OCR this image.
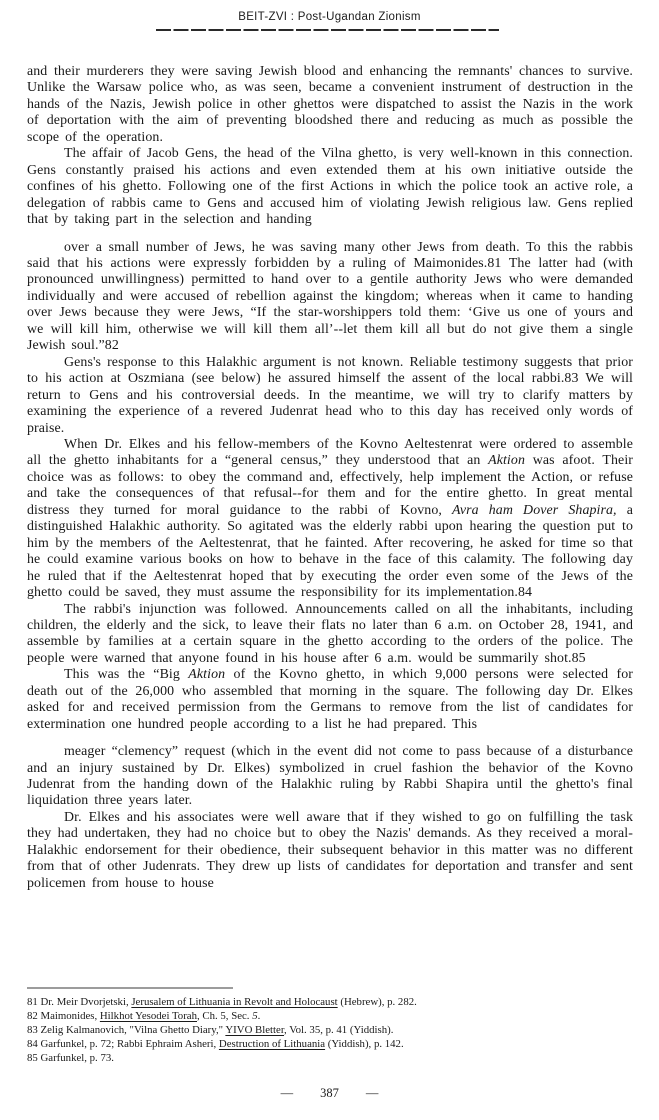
BEIT-ZVI : Post-Ugandan Zionism

and their murderers they were saving Jewish blood and enhancing the remnants' chances to survive. Unlike the Warsaw police who, as was seen, became a convenient instrument of destruction in the hands of the Nazis, Jewish police in other ghettos were dispatched to assist the Nazis in the work of deportation with the aim of preventing bloodshed there and reducing as much as possible the scope of the operation.

The affair of Jacob Gens, the head of the Vilna ghetto, is very well-known in this connection. Gens constantly praised his actions and even extended them at his own initiative outside the confines of his ghetto. Following one of the first Actions in which the police took an active role, a delegation of rabbis came to Gens and accused him of violating Jewish religious law. Gens replied that by taking part in the selection and handing

over a small number of Jews, he was saving many other Jews from death. To this the rabbis said that his actions were expressly forbidden by a ruling of Maimonides.81 The latter had (with pronounced unwillingness) permitted to hand over to a gentile authority Jews who were demanded individually and were accused of rebellion against the kingdom; whereas when it came to handing over Jews because they were Jews, “If the star-worshippers told them: ‘Give us one of yours and we will kill him, otherwise we will kill them all’--let them kill all but do not give them a single Jewish soul.”82

Gens's response to this Halakhic argument is not known. Reliable testimony suggests that prior to his action at Oszmiana (see below) he assured himself the assent of the local rabbi.83 We will return to Gens and his controversial deeds. In the meantime, we will try to clarify matters by examining the experience of a revered Judenrat head who to this day has received only words of praise.

When Dr. Elkes and his fellow-members of the Kovno Aeltestenrat were ordered to assemble all the ghetto inhabitants for a “general census,” they understood that an Aktion was afoot. Their choice was as follows: to obey the command and, effectively, help implement the Action, or refuse and take the consequences of that refusal--for them and for the entire ghetto. In great mental distress they turned for moral guidance to the rabbi of Kovno, Avra ham Dover Shapira, a distinguished Halakhic authority. So agitated was the elderly rabbi upon hearing the question put to him by the members of the Aeltestenrat, that he fainted. After recovering, he asked for time so that he could examine various books on how to behave in the face of this calamity. The following day he ruled that if the Aeltestenrat hoped that by executing the order even some of the Jews of the ghetto could be saved, they must assume the responsibility for its implementation.84

The rabbi's injunction was followed. Announcements called on all the inhabitants, including children, the elderly and the sick, to leave their flats no later than 6 a.m. on October 28, 1941, and assemble by families at a certain square in the ghetto according to the orders of the police. The people were warned that anyone found in his house after 6 a.m. would be summarily shot.85

This was the “Big Aktion of the Kovno ghetto, in which 9,000 persons were selected for death out of the 26,000 who assembled that morning in the square. The following day Dr. Elkes asked for and received permission from the Germans to remove from the list of candidates for extermination one hundred people according to a list he had prepared. This

meager “clemency” request (which in the event did not come to pass because of a disturbance and an injury sustained by Dr. Elkes) symbolized in cruel fashion the behavior of the Kovno Judenrat from the handing down of the Halakhic ruling by Rabbi Shapira until the ghetto's final liquidation three years later.

Dr. Elkes and his associates were well aware that if they wished to go on fulfilling the task they had undertaken, they had no choice but to obey the Nazis' demands. As they received a moral-Halakhic endorsement for their obedience, their subsequent behavior in this matter was no different from that of other Judenrats. They drew up lists of candidates for deportation and transfer and sent policemen from house to house

81 Dr. Meir Dvorjetski, Jerusalem of Lithuania in Revolt and Holocaust (Hebrew), p. 282.

82 Maimonides, Hilkhot Yesodei Torah, Ch. 5, Sec. 5.

83 Zelig Kalmanovich, "Vilna Ghetto Diary," YIVO Bletter, Vol. 35, p. 41 (Yiddish).

84 Garfunkel, p. 72; Rabbi Ephraim Asheri, Destruction of Lithuania (Yiddish), p. 142.

85 Garfunkel, p. 73.

— 387 —
